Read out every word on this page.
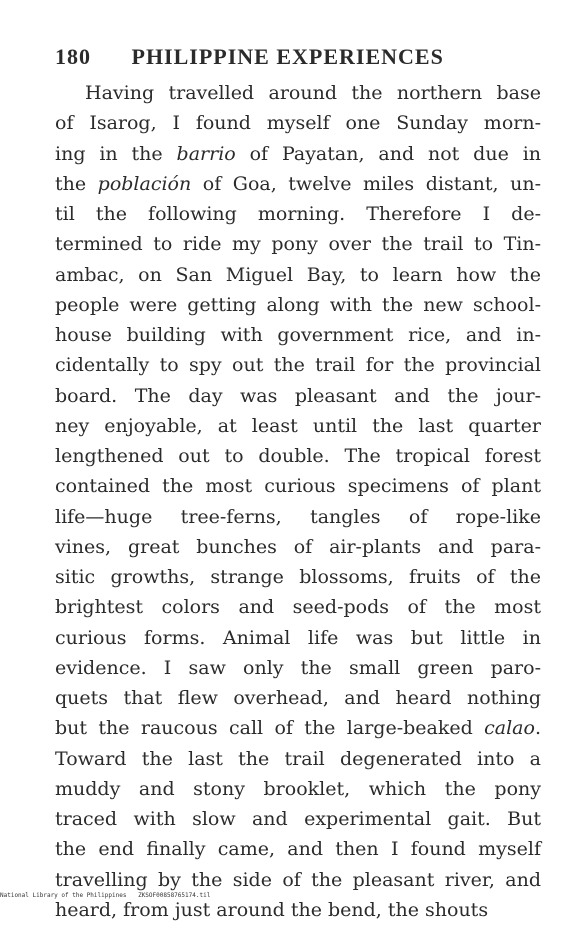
180 PHILIPPINE EXPERIENCES
Having travelled around the northern base
of Isarog, I found myself one Sunday morn-
ing in the barrio of Payatan, and not due in
the población of Goa, twelve miles distant, un-
til the following morning. Therefore I de-
termined to ride my pony over the trail to Tin-
ambac, on San Miguel Bay, to learn how the
people were getting along with the new school-
house building with government rice, and in-
cidentally to spy out the trail for the provincial
board. The day was pleasant and the jour-
ney enjoyable, at least until the last quarter
lengthened out to double. The tropical forest
contained the most curious specimens of plant
life—huge tree-ferns, tangles of rope-like
vines, great bunches of air-plants and para-
sitic growths, strange blossoms, fruits of the
brightest colors and seed-pods of the most
curious forms. Animal life was but little in
evidence. I saw only the small green paro-
quets that flew overhead, and heard nothing
but the raucous call of the large-beaked calao.
Toward the last the trail degenerated into a
muddy and stony brooklet, which the pony
traced with slow and experimental gait. But
the end finally came, and then I found myself
travelling by the side of the pleasant river, and
heard, from just around the bend, the shouts
National Library of the Philippines ZKSOF00858765174.til
